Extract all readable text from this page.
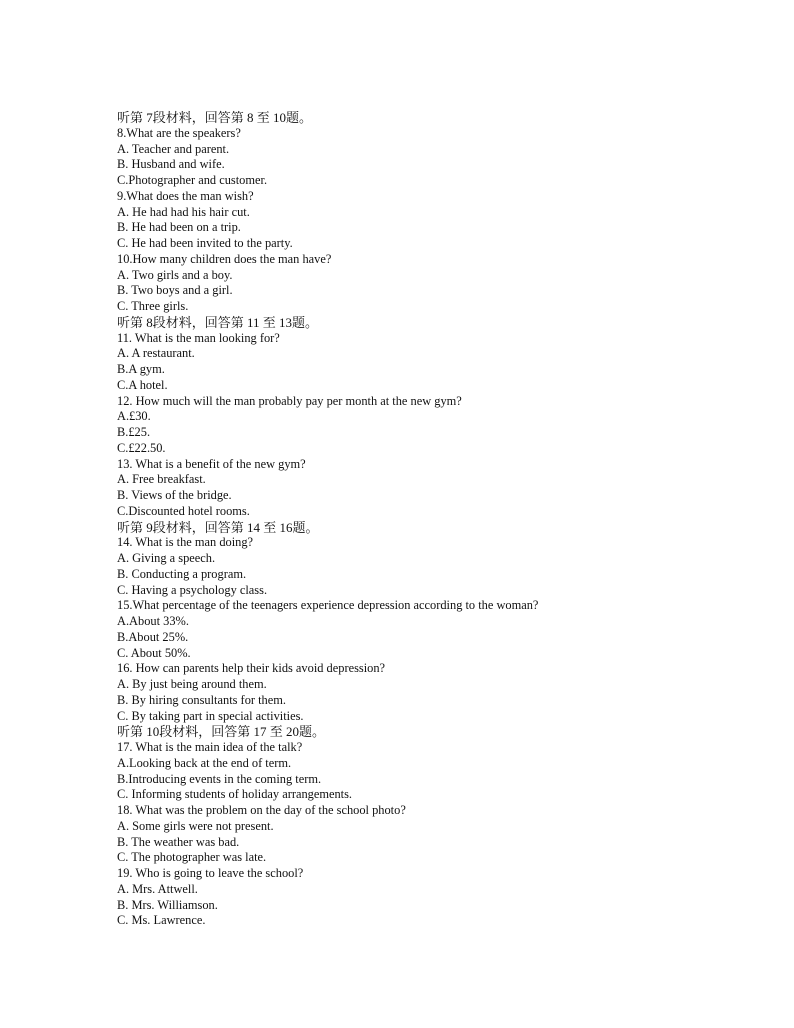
听第 7段材料，回答第 8 至 10题。
8.What are the speakers?
A. Teacher and parent.
B. Husband and wife.
C.Photographer and customer.
9.What does the man wish?
A. He had had his hair cut.
B. He had been on a trip.
C. He had been invited to the party.
10.How many children does the man have?
A. Two girls and a boy.
B. Two boys and a girl.
C. Three girls.
听第 8段材料，回答第 11 至 13题。
11. What is the man looking for?
A. A restaurant.
B.A gym.
C.A hotel.
12. How much will the man probably pay per month at the new gym?
A.£30.
B.£25.
C.£22.50.
13. What is a benefit of the new gym?
A. Free breakfast.
B. Views of the bridge.
C.Discounted hotel rooms.
听第 9段材料，回答第 14 至 16题。
14. What is the man doing?
A. Giving a speech.
B. Conducting a program.
C. Having a psychology class.
15.What percentage of the teenagers experience depression according to the woman?
A.About 33%.
B.About 25%.
C. About 50%.
16. How can parents help their kids avoid depression?
A. By just being around them.
B. By hiring consultants for them.
C. By taking part in special activities.
听第 10段材料，回答第 17 至 20题。
17. What is the main idea of the talk?
A.Looking back at the end of term.
B.Introducing events in the coming term.
C. Informing students of holiday arrangements.
18. What was the problem on the day of the school photo?
A. Some girls were not present.
B. The weather was bad.
C. The photographer was late.
19. Who is going to leave the school?
A. Mrs. Attwell.
B. Mrs. Williamson.
C. Ms. Lawrence.
